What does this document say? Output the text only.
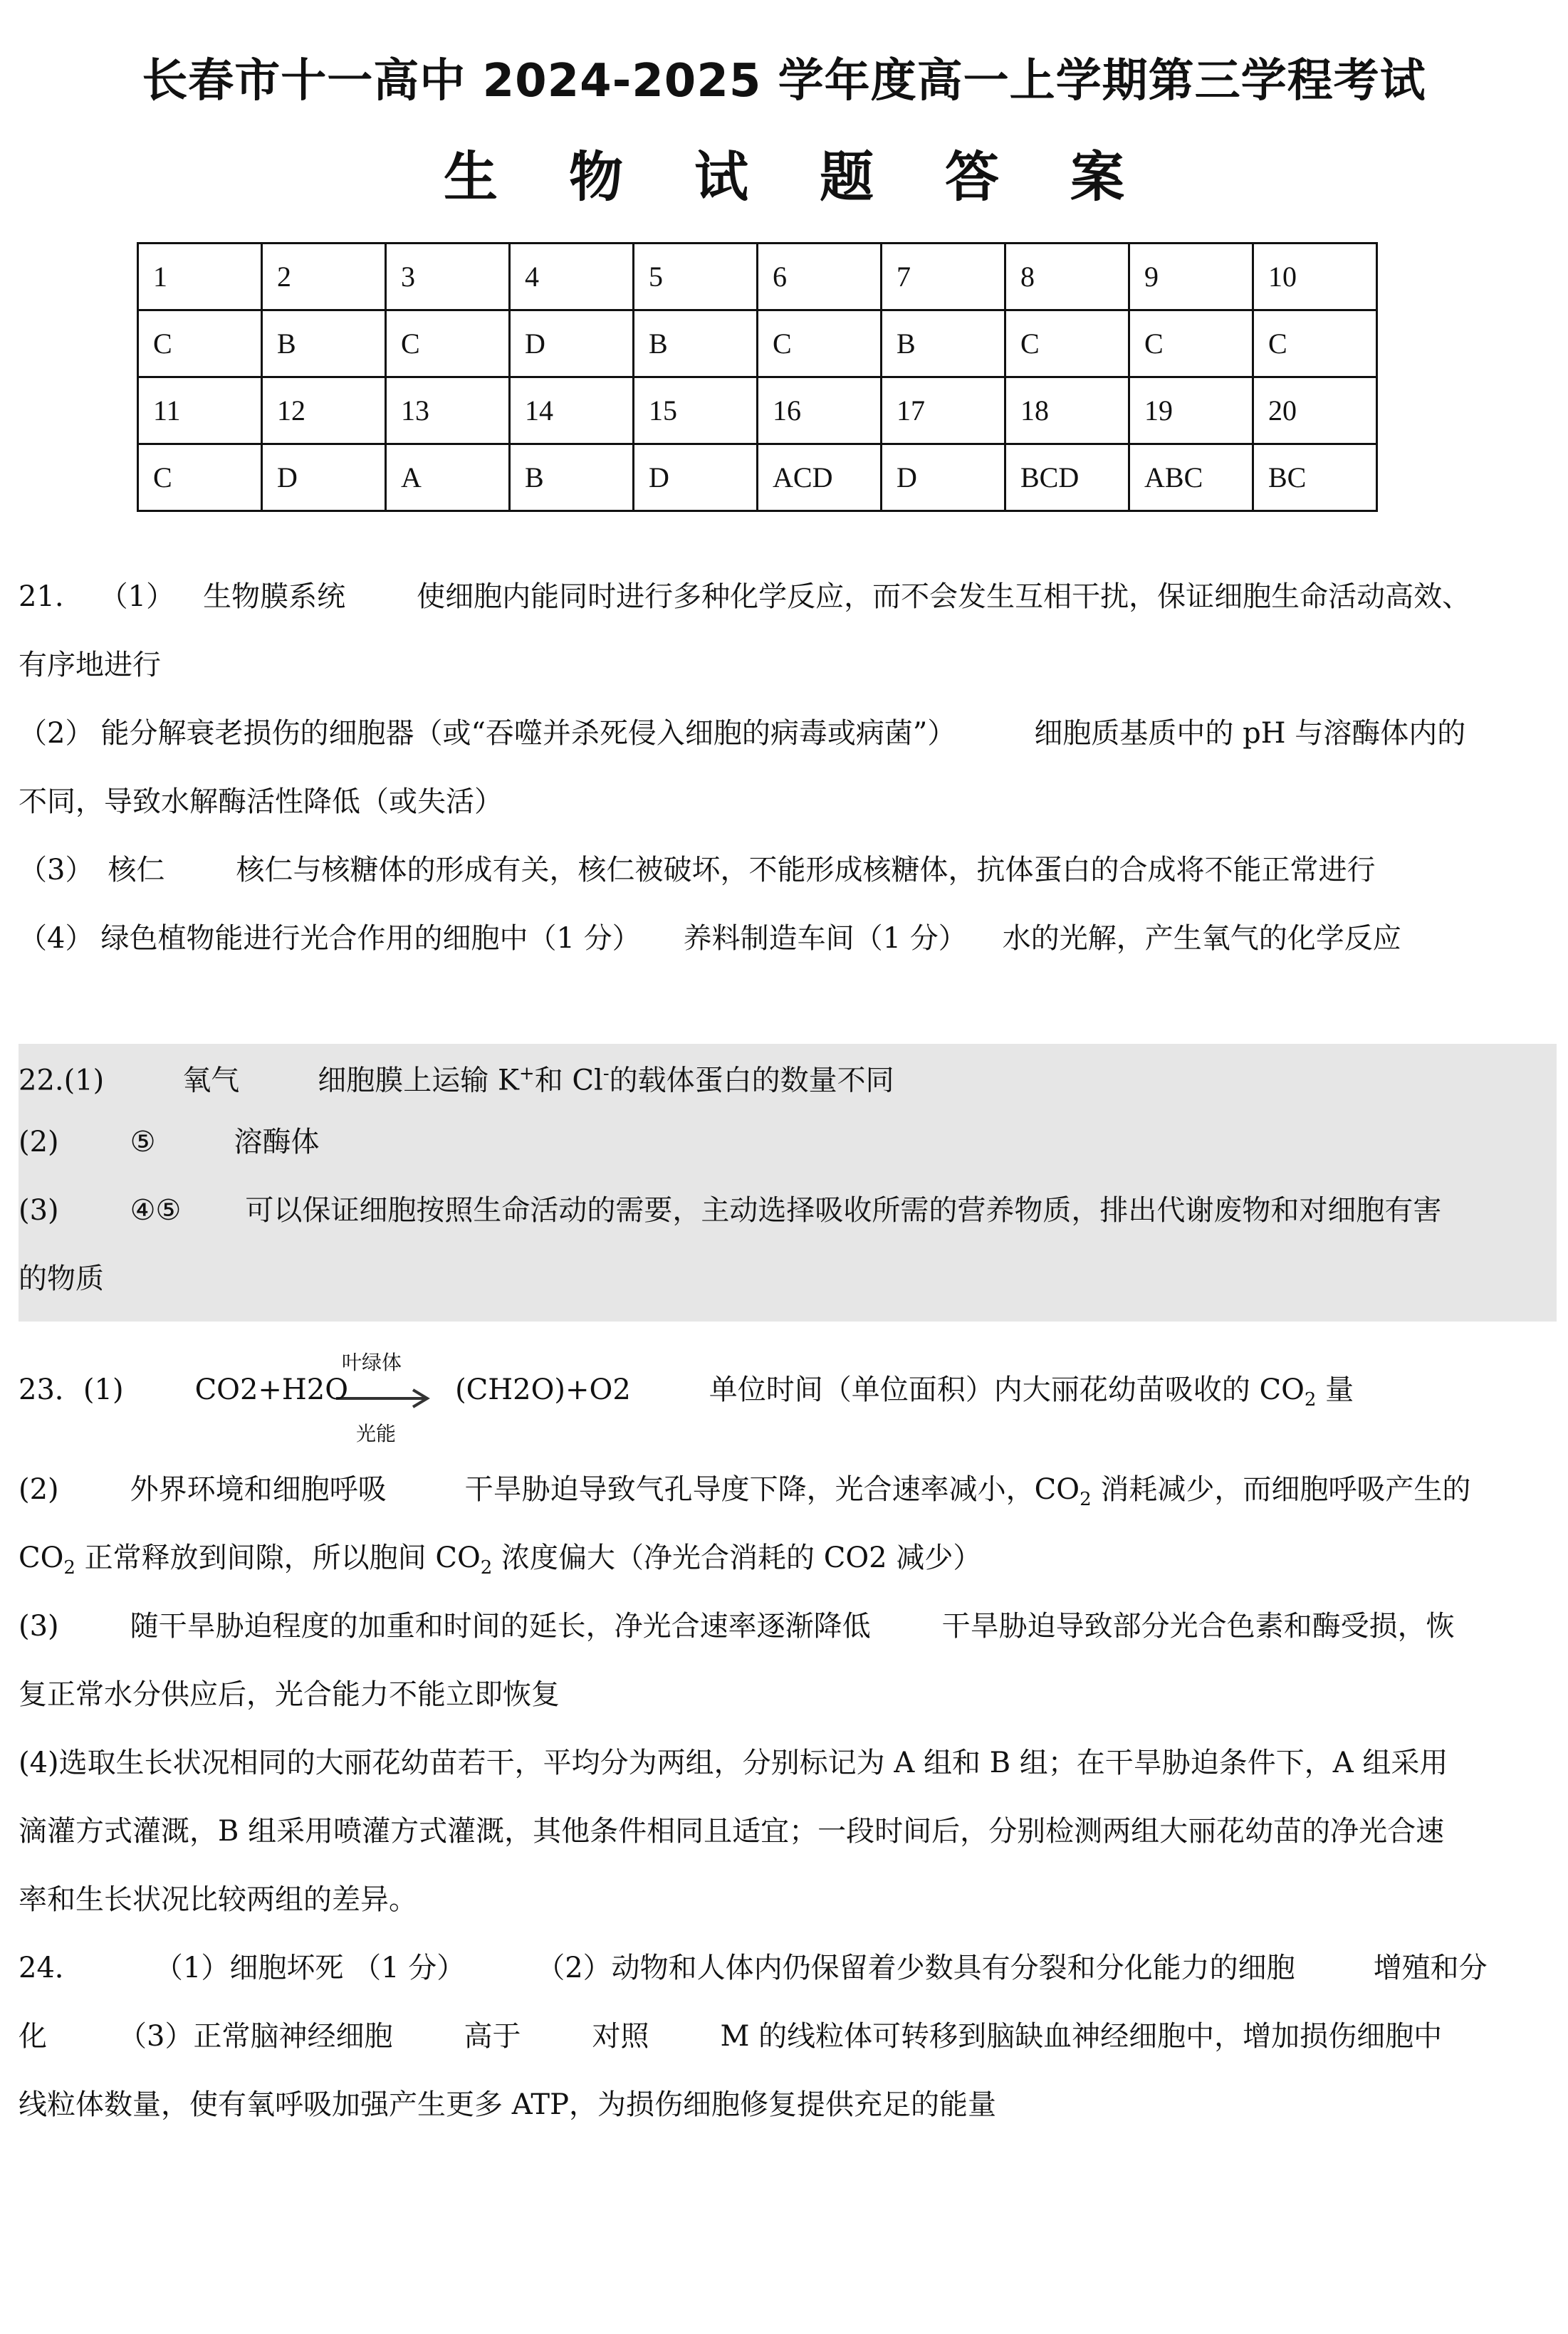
长春市十一高中 2024-2025 学年度高一上学期第三学程考试
生 物 试 题 答 案
1	2	3	4	5	6	7	8	9	10
C	B	C	D	B	C	B	C	C	C
11	12	13	14	15	16	17	18	19	20
C	D	A	B	D	ACD	D	BCD	ABC	BC
21. （1） 生物膜系统	使细胞内能同时进行多种化学反应，而不会发生互相干扰，保证细胞生命活动高效、
有序地进行
（2） 能分解衰老损伤的细胞器（或“吞噬并杀死侵入细胞的病毒或病菌”）	细胞质基质中的 pH 与溶酶体内的
不同，导致水解酶活性降低（或失活）
（3） 核仁	核仁与核糖体的形成有关，核仁被破坏，不能形成核糖体，抗体蛋白的合成将不能正常进行
（4） 绿色植物能进行光合作用的细胞中（1 分） 养料制造车间（1 分） 水的光解，产生氧气的化学反应
22.(1)	氧气	细胞膜上运输 K+和 Cl-的载体蛋白的数量不同
(2)	⑤	溶酶体
(3)	④⑤ 可以保证细胞按照生命活动的需要，主动选择吸收所需的营养物质，排出代谢废物和对细胞有害
的物质
叶绿体
光能
23．(1)	CO2+H2O	(CH2O)+O2	单位时间（单位面积）内大丽花幼苗吸收的 $CO_2$ 量
(2)	外界环境和细胞呼吸	干旱胁迫导致气孔导度下降，光合速率减小，$CO_2$ 消耗减少，而细胞呼吸产生的
$CO_2$ 正常释放到间隙，所以胞间 $CO_2$ 浓度偏大（净光合消耗的 CO2 减少）
(3)	随干旱胁迫程度的加重和时间的延长，净光合速率逐渐降低	干旱胁迫导致部分光合色素和酶受损，恢
复正常水分供应后，光合能力不能立即恢复
(4)选取生长状况相同的大丽花幼苗若干，平均分为两组，分别标记为 A 组和 B 组；在干旱胁迫条件下，A 组采用
滴灌方式灌溉，B 组采用喷灌方式灌溉，其他条件相同且适宜；一段时间后，分别检测两组大丽花幼苗的净光合速
率和生长状况比较两组的差异。
24．	（1）细胞坏死 （1 分）	（2）动物和人体内仍保留着少数具有分裂和分化能力的细胞	增殖和分
化	（3）正常脑神经细胞	高于	对照	M 的线粒体可转移到脑缺血神经细胞中，增加损伤细胞中
线粒体数量，使有氧呼吸加强产生更多 ATP，为损伤细胞修复提供充足的能量
